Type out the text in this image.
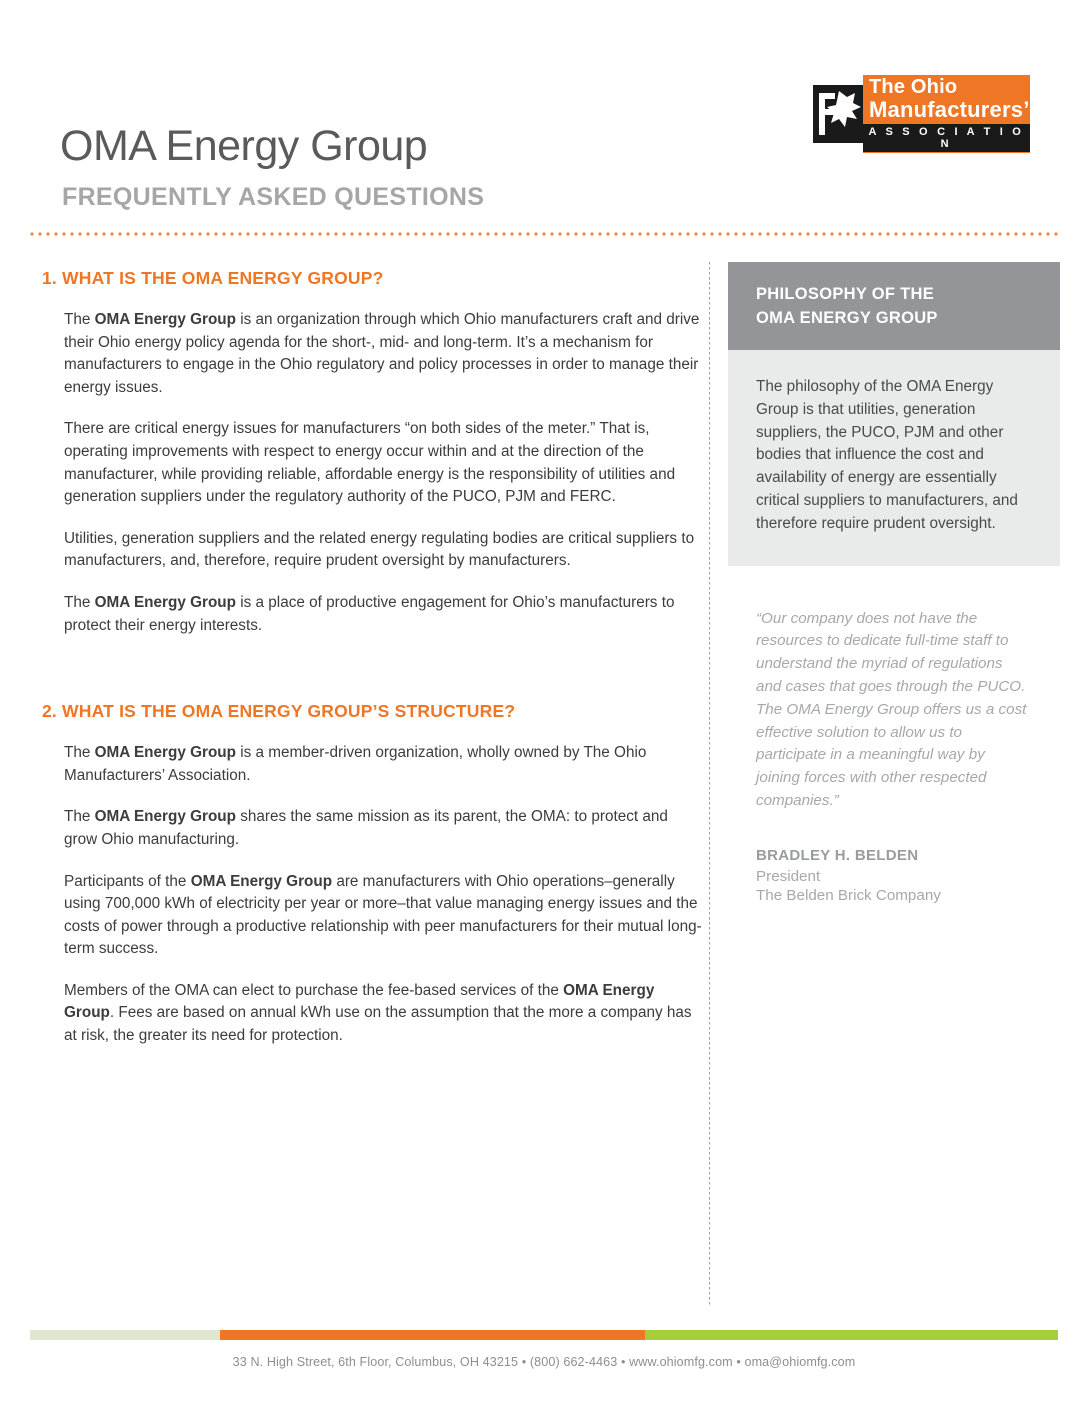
The Ohio
Manufacturers’
A S S O C I A T I O N
OMA Energy Group
FREQUENTLY ASKED QUESTIONS
1. WHAT IS THE OMA ENERGY GROUP?

The OMA Energy Group is an organization through which Ohio manufacturers craft and drive their Ohio energy policy agenda for the short-, mid- and long-term. It’s a mechanism for manufacturers to engage in the Ohio regulatory and policy processes in order to manage their energy issues.

There are critical energy issues for manufacturers “on both sides of the meter.” That is, operating improvements with respect to energy occur within and at the direction of the manufacturer, while providing reliable, affordable energy is the responsibility of utilities and generation suppliers under the regulatory authority of the PUCO, PJM and FERC.

Utilities, generation suppliers and the related energy regulating bodies are critical suppliers to manufacturers, and, therefore, require prudent oversight by manufacturers.

The OMA Energy Group is a place of productive engagement for Ohio’s manufacturers to protect their energy interests.

2. WHAT IS THE OMA ENERGY GROUP’S STRUCTURE?

The OMA Energy Group is a member-driven organization, wholly owned by The Ohio Manufacturers’ Association.

The OMA Energy Group shares the same mission as its parent, the OMA: to protect and grow Ohio manufacturing.

Participants of the OMA Energy Group are manufacturers with Ohio operations–generally using 700,000 kWh of electricity per year or more–that value managing energy issues and the costs of power through a productive relationship with peer manufacturers for their mutual long-term success.

Members of the OMA can elect to purchase the fee-based services of the OMA Energy Group. Fees are based on annual kWh use on the assumption that the more a company has at risk, the greater its need for protection.

PHILOSOPHY OF THE
OMA ENERGY GROUP
The philosophy of the OMA Energy Group is that utilities, generation suppliers, the PUCO, PJM and other bodies that influence the cost and availability of energy are essentially critical suppliers to manufacturers, and therefore require prudent oversight.
“Our company does not have the resources to dedicate full-time staff to understand the myriad of regulations and cases that goes through the PUCO. The OMA Energy Group offers us a cost effective solution to allow us to participate in a meaningful way by joining forces with other respected companies.”
BRADLEY H. BELDEN
President
The Belden Brick Company
33 N. High Street, 6th Floor, Columbus, OH 43215 • (800) 662-4463 • www.ohiomfg.com • oma@ohiomfg.com
